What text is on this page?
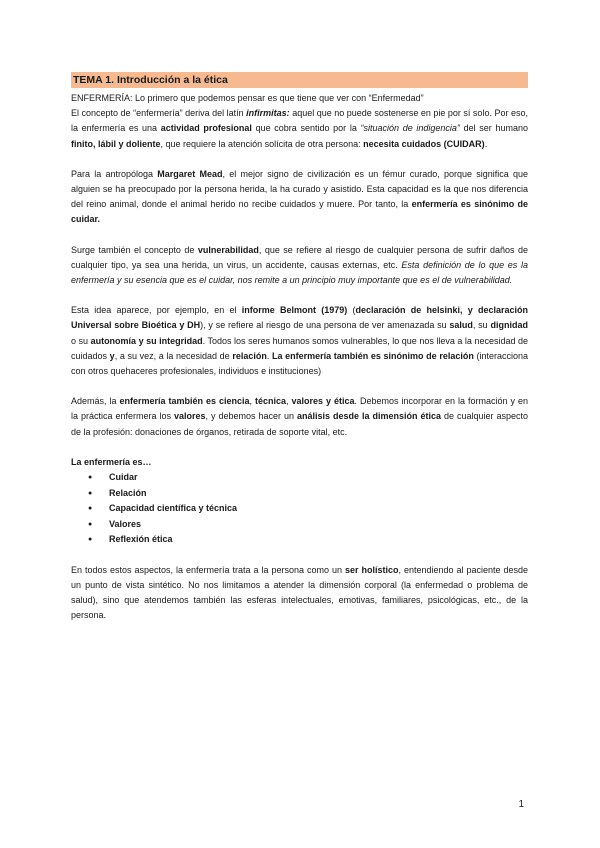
TEMA 1. Introducción a la ética

ENFERMERÍA: Lo primero que podemos pensar es que tiene que ver con “Enfermedad”

El concepto de “enfermería” deriva del latín infirmitas: aquel que no puede sostenerse en pie por sí solo. Por eso, la enfermería es una actividad profesional que cobra sentido por la “situación de indigencia” del ser humano finito, lábil y doliente, que requiere la atención solícita de otra persona: necesita cuidados (CUIDAR).

Para la antropóloga Margaret Mead, el mejor signo de civilización es un fémur curado, porque significa que alguien se ha preocupado por la persona herida, la ha curado y asistido. Esta capacidad es la que nos diferencia del reino animal, donde el animal herido no recibe cuidados y muere. Por tanto, la enfermería es sinónimo de cuidar.

Surge también el concepto de vulnerabilidad, que se refiere al riesgo de cualquier persona de sufrir daños de cualquier tipo, ya sea una herida, un virus, un accidente, causas externas, etc. Esta definición de lo que es la enfermería y su esencia que es el cuidar, nos remite a un principio muy importante que es el de vulnerabilidad.

Esta idea aparece, por ejemplo, en el informe Belmont (1979) (declaración de helsinki, y declaración Universal sobre Bioética y DH), y se refiere al riesgo de una persona de ver amenazada su salud, su dignidad o su autonomía y su integridad. Todos los seres humanos somos vulnerables, lo que nos lleva a la necesidad de cuidados y, a su vez, a la necesidad de relación. La enfermería también es sinónimo de relación (interacciona con otros quehaceres profesionales, individuos e instituciones)

Además, la enfermería también es ciencia, técnica, valores y ética. Debemos incorporar en la formación y en la práctica enfermera los valores, y debemos hacer un análisis desde la dimensión ética de cualquier aspecto de la profesión: donaciones de órganos, retirada de soporte vital, etc.

La enfermería es…

● Cuidar
● Relación
● Capacidad científica y técnica
● Valores
● Reflexión ética

En todos estos aspectos, la enfermería trata a la persona como un ser holístico, entendiendo al paciente desde un punto de vista sintético. No nos limitamos a atender la dimensión corporal (la enfermedad o problema de salud), sino que atendemos también las esferas intelectuales, emotivas, familiares, psicológicas, etc., de la persona.

1
